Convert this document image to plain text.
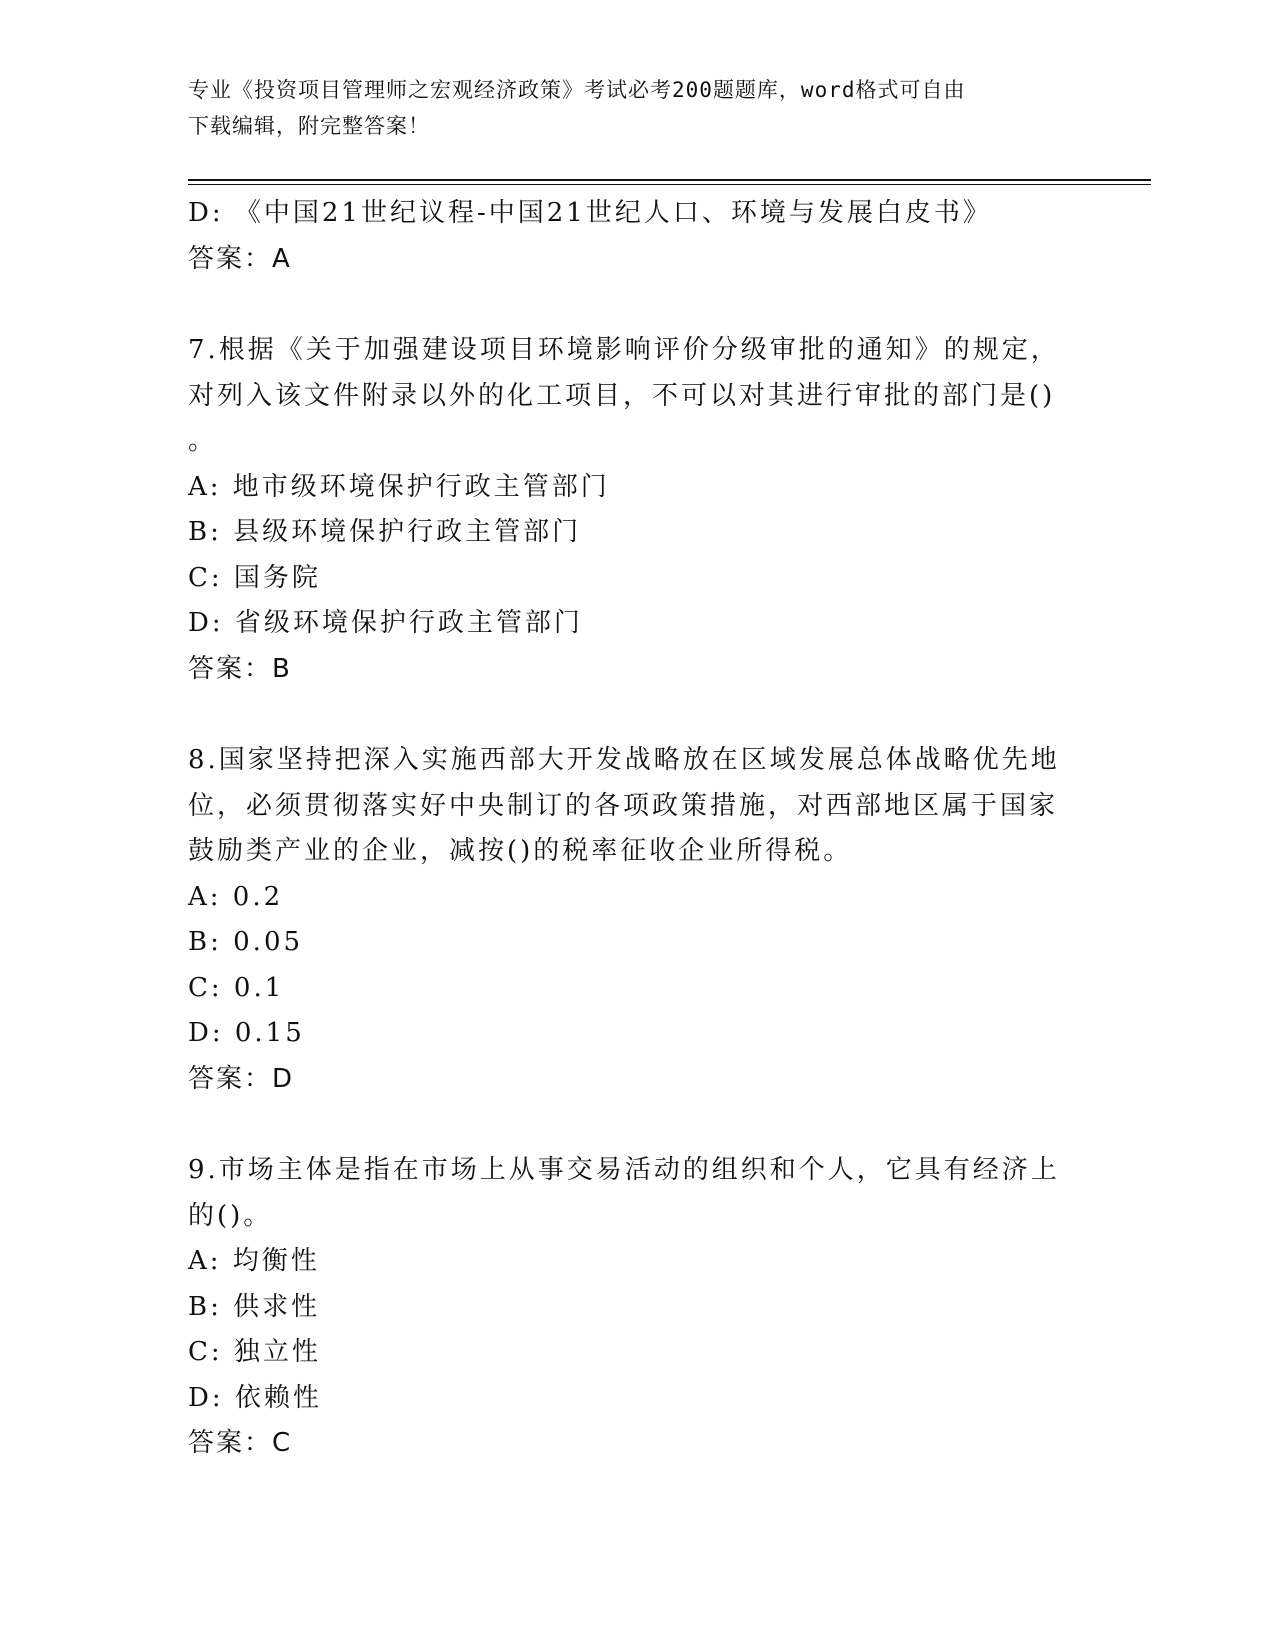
专业《投资项目管理师之宏观经济政策》考试必考200题题库，word格式可自由
下载编辑，附完整答案！
D: 《中国21世纪议程-中国21世纪人口、环境与发展白皮书》
答案：A
7.根据《关于加强建设项目环境影响评价分级审批的通知》的规定，
对列入该文件附录以外的化工项目，不可以对其进行审批的部门是()
。
A: 地市级环境保护行政主管部门
B: 县级环境保护行政主管部门
C: 国务院
D: 省级环境保护行政主管部门
答案：B
8.国家坚持把深入实施西部大开发战略放在区域发展总体战略优先地
位，必须贯彻落实好中央制订的各项政策措施，对西部地区属于国家
鼓励类产业的企业，减按()的税率征收企业所得税。
A: 0.2
B: 0.05
C: 0.1
D: 0.15
答案：D
9.市场主体是指在市场上从事交易活动的组织和个人，它具有经济上
的()。
A: 均衡性
B: 供求性
C: 独立性
D: 依赖性
答案：C
